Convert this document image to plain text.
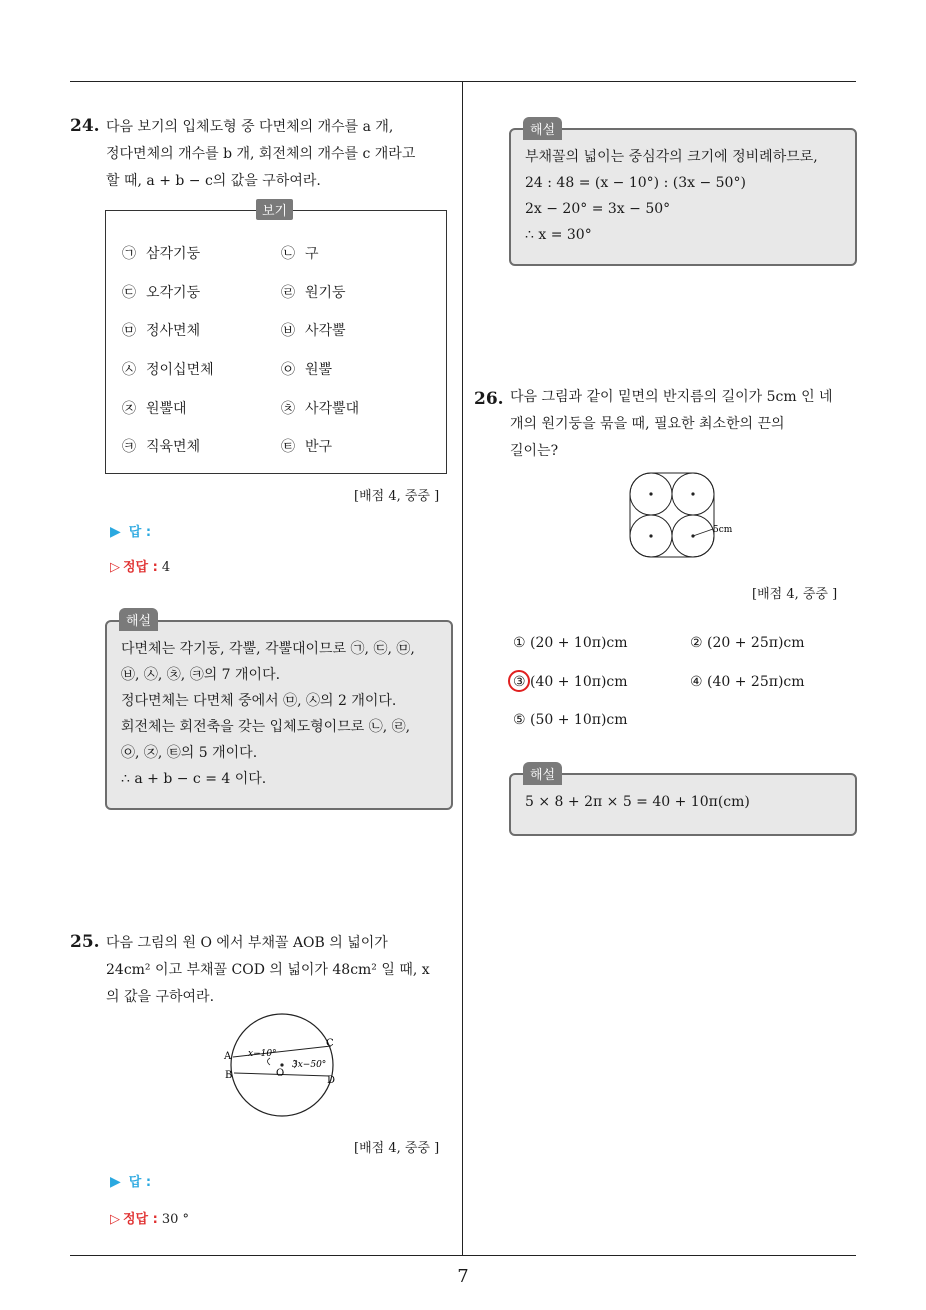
7
24. 다음 보기의 입체도형 중 다면체의 개수를 a 개,
정다면체의 개수를 b 개, 회전체의 개수를 c 개라고
할 때, a + b − c의 값을 구하여라.
보기
㉠ 삼각기둥	㉡ 구
㉢ 오각기둥	㉣ 원기둥
㉤ 정사면체	㉥ 사각뿔
㉦ 정이십면체	㉧ 원뿔
㉨ 원뿔대	㉩ 사각뿔대
㉪ 직육면체	㉫ 반구
[배점 4, 중중 ]
▶ 답 :
▷ 정답 : 4
다면체는 각기둥, 각뿔, 각뿔대이므로 ㉠, ㉢, ㉤,
㉥, ㉦, ㉩, ㉪의 7 개이다.
정다면체는 다면체 중에서 ㉤, ㉦의 2 개이다.
회전체는 회전축을 갖는 입체도형이므로 ㉡, ㉣,
㉧, ㉨, ㉫의 5 개이다.
∴ a + b − c = 4 이다.
해설
25. 다음 그림의 원 O 에서 부채꼴 AOB 의 넓이가
24cm² 이고 부채꼴 COD 의 넓이가 48cm² 일 때, x
의 값을 구하여라.
A
B
C
D
O
x−10°
3x−50°
[배점 4, 중중 ]
▶ 답 :
▷ 정답 : 30 °
부채꼴의 넓이는 중심각의 크기에 정비례하므로,
24 : 48 = (x − 10°) : (3x − 50°)
2x − 20° = 3x − 50°
∴ x = 30°
해설
26. 다음 그림과 같이 밑면의 반지름의 길이가 5cm 인 네
개의 원기둥을 묶을 때, 필요한 최소한의 끈의
길이는?
5cm
[배점 4, 중중 ]
① (20 + 10π)cm	② (20 + 25π)cm
③ (40 + 10π)cm	④ (40 + 25π)cm
⑤ (50 + 10π)cm
5 × 8 + 2π × 5 = 40 + 10π(cm)
해설
